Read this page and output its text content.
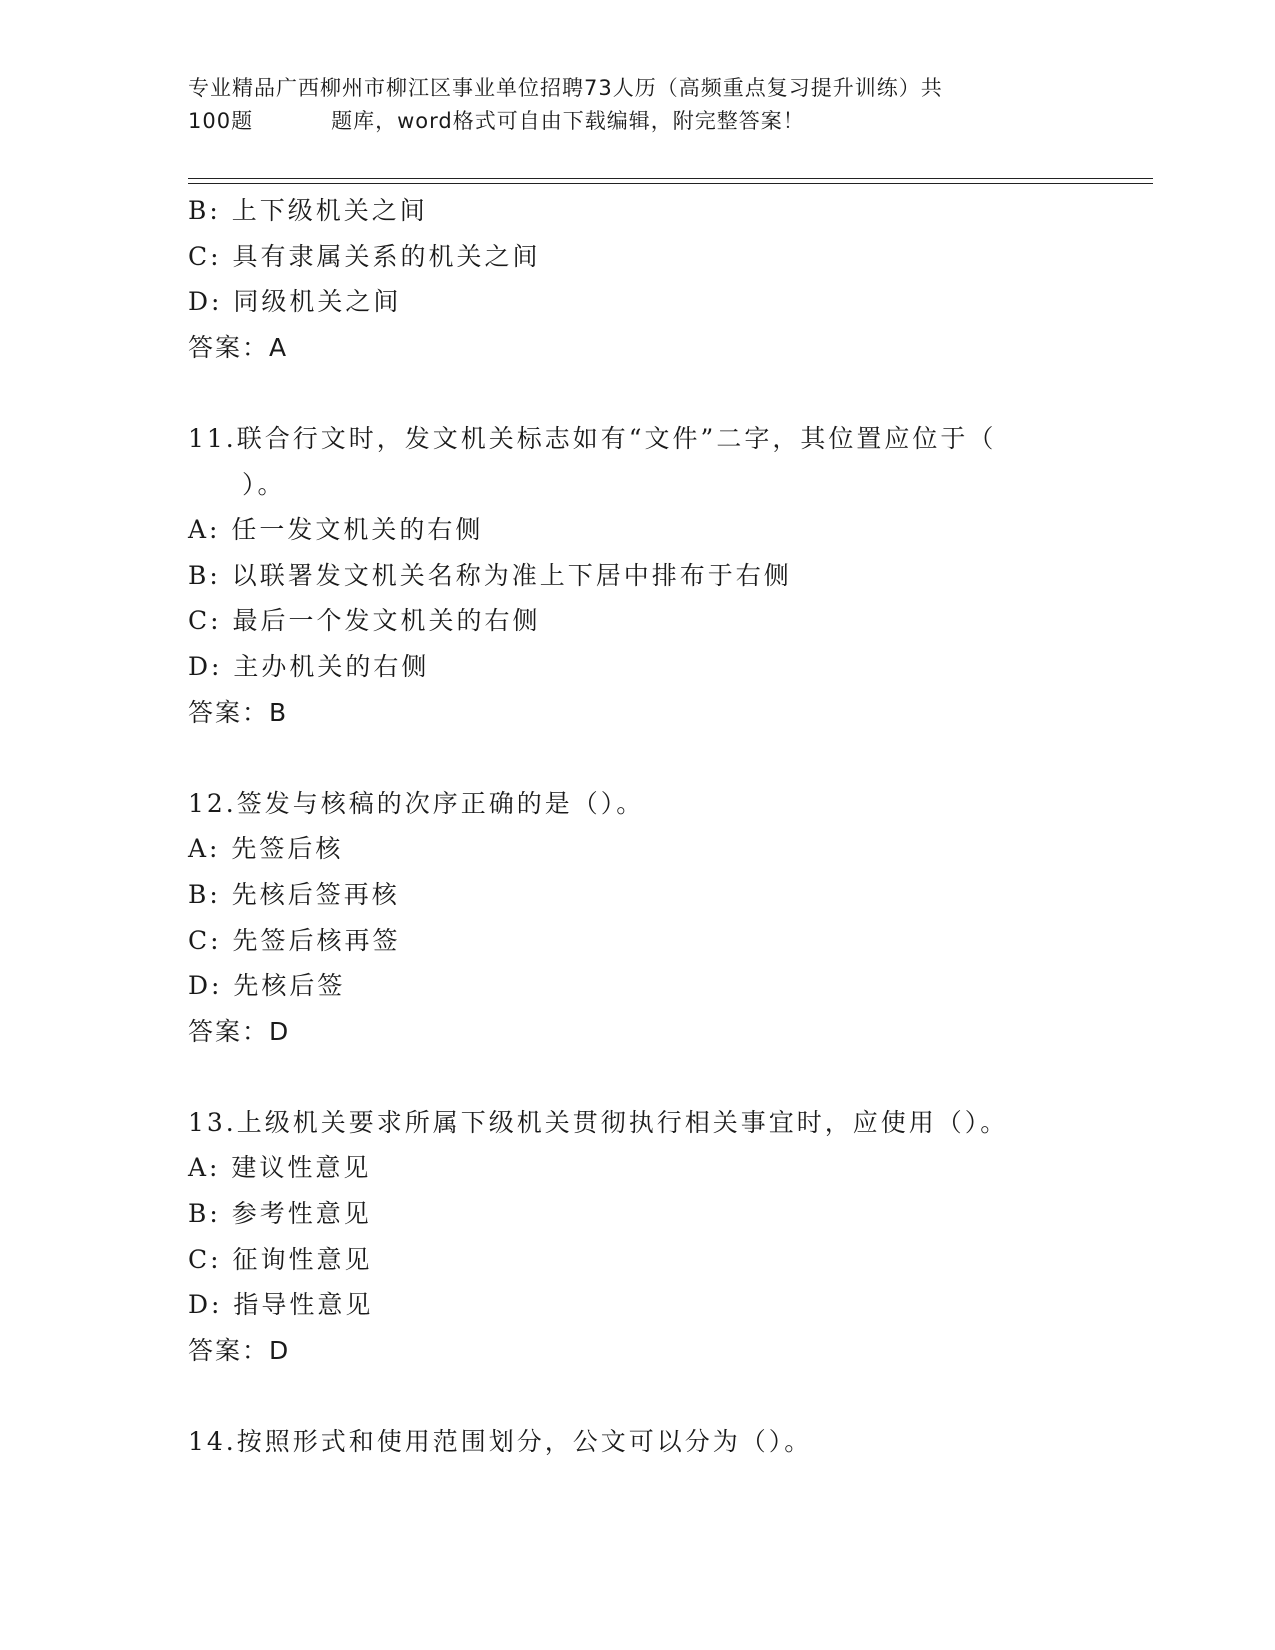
专业精品广西柳州市柳江区事业单位招聘73人历（高频重点复习提升训练）共
100题	题库，word格式可自由下载编辑，附完整答案！
B: 上下级机关之间
C: 具有隶属关系的机关之间
D: 同级机关之间
答案：A
11.联合行文时，发文机关标志如有“文件”二字，其位置应位于（
）。
A: 任一发文机关的右侧
B: 以联署发文机关名称为准上下居中排布于右侧
C: 最后一个发文机关的右侧
D: 主办机关的右侧
答案：B
12.签发与核稿的次序正确的是（）。
A: 先签后核
B: 先核后签再核
C: 先签后核再签
D: 先核后签
答案：D
13.上级机关要求所属下级机关贯彻执行相关事宜时，应使用（）。
A: 建议性意见
B: 参考性意见
C: 征询性意见
D: 指导性意见
答案：D
14.按照形式和使用范围划分，公文可以分为（）。
